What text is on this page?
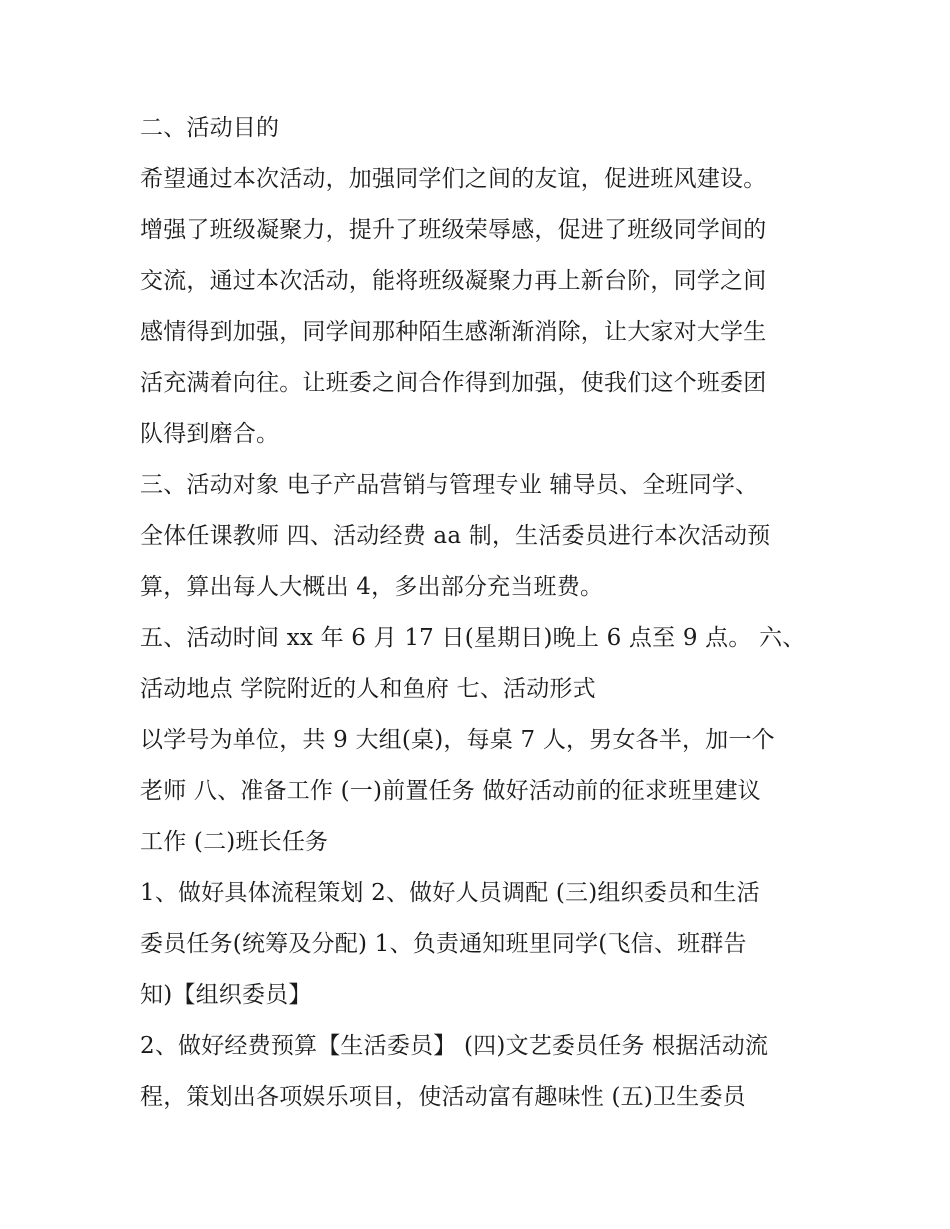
二、活动目的
希望通过本次活动，加强同学们之间的友谊，促进班风建设。
增强了班级凝聚力，提升了班级荣辱感，促进了班级同学间的
交流，通过本次活动，能将班级凝聚力再上新台阶，同学之间
感情得到加强，同学间那种陌生感渐渐消除，让大家对大学生
活充满着向往。让班委之间合作得到加强，使我们这个班委团
队得到磨合。
三、活动对象 电子产品营销与管理专业 辅导员、全班同学、
全体任课教师 四、活动经费 aa 制，生活委员进行本次活动预
算，算出每人大概出 4，多出部分充当班费。
五、活动时间 xx 年 6 月 17 日(星期日)晚上 6 点至 9 点。 六、
活动地点 学院附近的人和鱼府 七、活动形式
以学号为单位，共 9 大组(桌)，每桌 7 人，男女各半，加一个
老师 八、准备工作 (一)前置任务 做好活动前的征求班里建议
工作 (二)班长任务
1、做好具体流程策划 2、做好人员调配 (三)组织委员和生活
委员任务(统筹及分配) 1、负责通知班里同学(飞信、班群告
知)【组织委员】
2、做好经费预算【生活委员】 (四)文艺委员任务 根据活动流
程，策划出各项娱乐项目，使活动富有趣味性 (五)卫生委员
